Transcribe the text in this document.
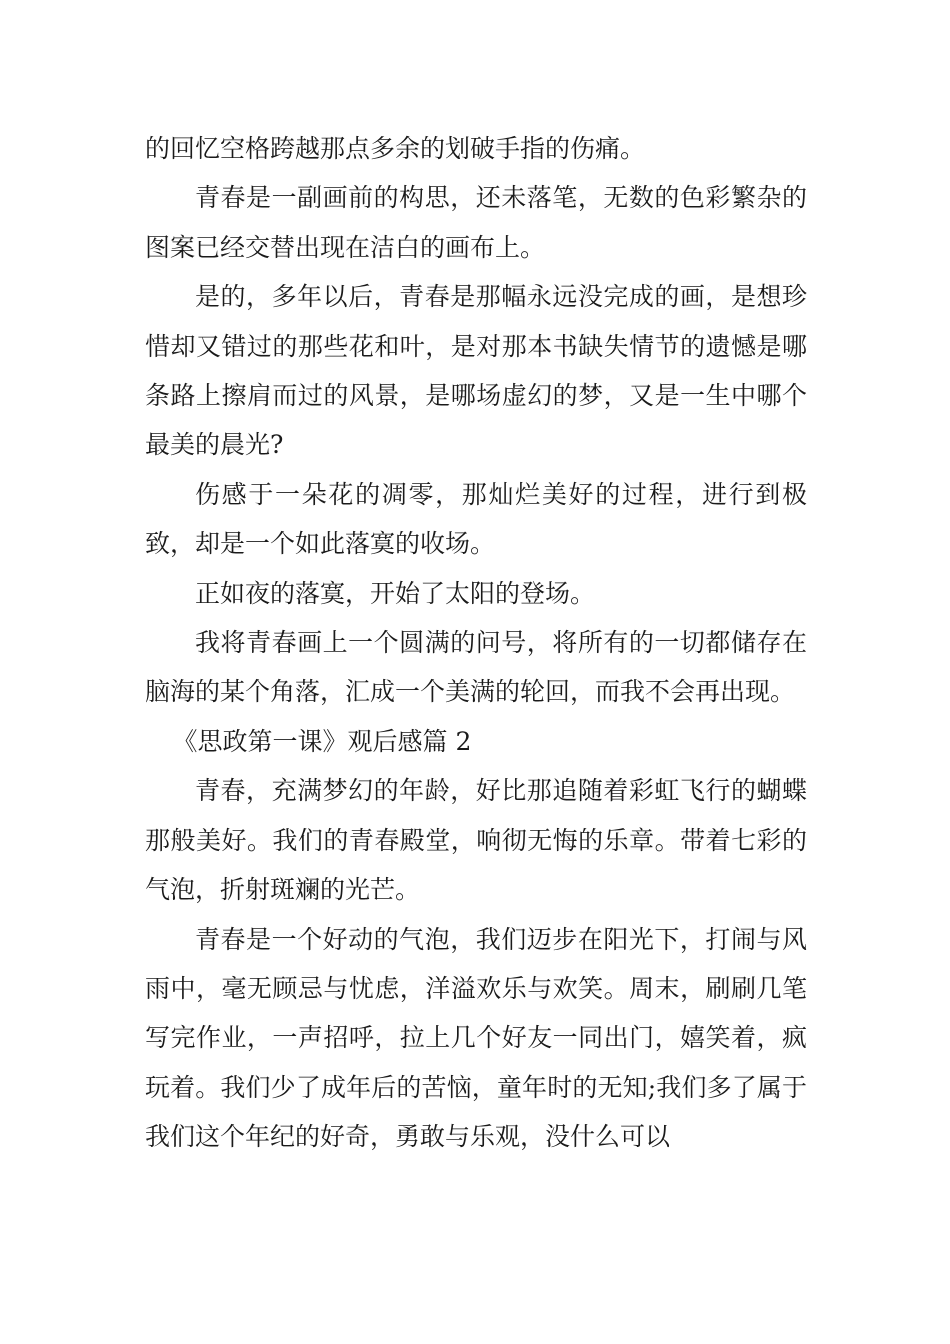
的回忆空格跨越那点多余的划破手指的伤痛。

青春是一副画前的构思，还未落笔，无数的色彩繁杂的图案已经交替出现在洁白的画布上。

是的，多年以后，青春是那幅永远没完成的画，是想珍惜却又错过的那些花和叶，是对那本书缺失情节的遗憾是哪条路上擦肩而过的风景，是哪场虚幻的梦，又是一生中哪个最美的晨光?

伤感于一朵花的凋零，那灿烂美好的过程，进行到极致，却是一个如此落寞的收场。

正如夜的落寞，开始了太阳的登场。

我将青春画上一个圆满的问号，将所有的一切都储存在脑海的某个角落，汇成一个美满的轮回，而我不会再出现。

《思政第一课》观后感篇 2

青春，充满梦幻的年龄，好比那追随着彩虹飞行的蝴蝶那般美好。我们的青春殿堂，响彻无悔的乐章。带着七彩的气泡，折射斑斓的光芒。

青春是一个好动的气泡，我们迈步在阳光下，打闹与风雨中，毫无顾忌与忧虑，洋溢欢乐与欢笑。周末，刷刷几笔写完作业，一声招呼，拉上几个好友一同出门，嬉笑着，疯玩着。我们少了成年后的苦恼，童年时的无知;我们多了属于我们这个年纪的好奇，勇敢与乐观，没什么可以
